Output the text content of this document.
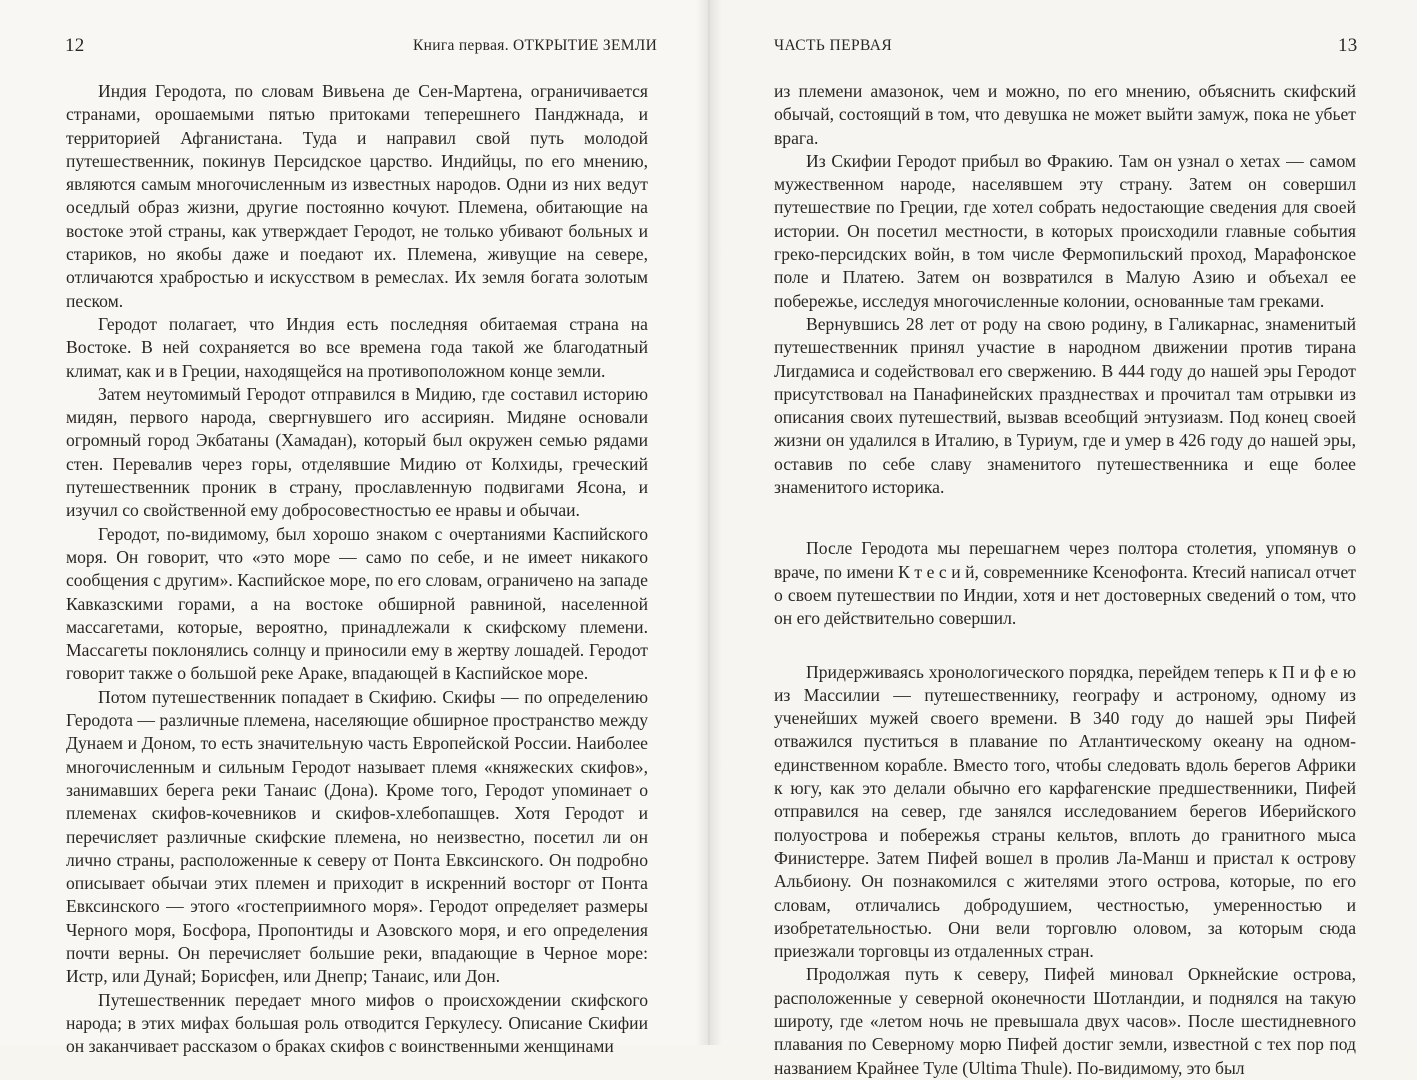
12	Книга первая. ОТКРЫТИЕ ЗЕМЛИ

Индия Геродота, по словам Вивьена де Сен-Мартена, ограничивается странами, орошаемыми пятью притоками теперешнего Панджнада, и территорией Афганистана. Туда и направил свой путь молодой путешественник, покинув Персидское царство. Индийцы, по его мнению, являются самым многочисленным из известных народов. Одни из них ведут оседлый образ жизни, другие постоянно кочуют. Племена, обитающие на востоке этой страны, как утверждает Геродот, не только убивают больных и стариков, но якобы даже и поедают их. Племена, живущие на севере, отличаются храбростью и искусством в ремеслах. Их земля богата золотым песком.

Геродот полагает, что Индия есть последняя обитаемая страна на Востоке. В ней сохраняется во все времена года такой же благодатный климат, как и в Греции, находящейся на противоположном конце земли.

Затем неутомимый Геродот отправился в Мидию, где составил историю мидян, первого народа, свергнувшего иго ассириян. Мидяне основали огромный город Экбатаны (Хамадан), который был окружен семью рядами стен. Перевалив через горы, отделявшие Мидию от Колхиды, греческий путешественник проник в страну, прославленную подвигами Ясона, и изучил со свойственной ему добросовестностью ее нравы и обычаи.

Геродот, по-видимому, был хорошо знаком с очертаниями Каспийского моря. Он говорит, что «это море — само по себе, и не имеет никакого сообщения с другим». Каспийское море, по его словам, ограничено на западе Кавказскими горами, а на востоке обширной равниной, населенной массагетами, которые, вероятно, принадлежали к скифскому племени. Массагеты поклонялись солнцу и приносили ему в жертву лошадей. Геродот говорит также о большой реке Араке, впадающей в Каспийское море.

Потом путешественник попадает в Скифию. Скифы — по определению Геродота — различные племена, населяющие обширное пространство между Дунаем и Доном, то есть значительную часть Европейской России. Наиболее многочисленным и сильным Геродот называет племя «княжеских скифов», занимавших берега реки Танаис (Дона). Кроме того, Геродот упоминает о племенах скифов-кочевников и скифов-хлебопашцев. Хотя Геродот и перечисляет различные скифские племена, но неизвестно, посетил ли он лично страны, расположенные к северу от Понта Евксинского. Он подробно описывает обычаи этих племен и приходит в искренний восторг от Понта Евксинского — этого «гостеприимного моря». Геродот определяет размеры Черного моря, Босфора, Пропонтиды и Азовского моря, и его определения почти верны. Он перечисляет большие реки, впадающие в Черное море: Истр, или Дунай; Борисфен, или Днепр; Танаис, или Дон.

Путешественник передает много мифов о происхождении скифского народа; в этих мифах большая роль отводится Геркулесу. Описание Скифии он заканчивает рассказом о браках скифов с воинственными женщинами

ЧАСТЬ ПЕРВАЯ	13

из племени амазонок, чем и можно, по его мнению, объяснить скифский обычай, состоящий в том, что девушка не может выйти замуж, пока не убьет врага.

Из Скифии Геродот прибыл во Фракию. Там он узнал о хетах — самом мужественном народе, населявшем эту страну. Затем он совершил путешествие по Греции, где хотел собрать недостающие сведения для своей истории. Он посетил местности, в которых происходили главные события греко-персидских войн, в том числе Фермопильский проход, Марафонское поле и Платею. Затем он возвратился в Малую Азию и объехал ее побережье, исследуя многочисленные колонии, основанные там греками.

Вернувшись 28 лет от роду на свою родину, в Галикарнас, знаменитый путешественник принял участие в народном движении против тирана Лигдамиса и содействовал его свержению. В 444 году до нашей эры Геродот присутствовал на Панафинейских празднествах и прочитал там отрывки из описания своих путешествий, вызвав всеобщий энтузиазм. Под конец своей жизни он удалился в Италию, в Туриум, где и умер в 426 году до нашей эры, оставив по себе славу знаменитого путешественника и еще более знаменитого историка.

После Геродота мы перешагнем через полтора столетия, упомянув о враче, по имени К т е с и й, современнике Ксенофонта. Ктесий написал отчет о своем путешествии по Индии, хотя и нет достоверных сведений о том, что он его действительно совершил.

Придерживаясь хронологического порядка, перейдем теперь к П и ф е ю из Массилии — путешественнику, географу и астроному, одному из ученейших мужей своего времени. В 340 году до нашей эры Пифей отважился пуститься в плавание по Атлантическому океану на одном-единственном корабле. Вместо того, чтобы следовать вдоль берегов Африки к югу, как это делали обычно его карфагенские предшественники, Пифей отправился на север, где занялся исследованием берегов Иберийского полуострова и побережья страны кельтов, вплоть до гранитного мыса Финистерре. Затем Пифей вошел в пролив Ла-Манш и пристал к острову Альбиону. Он познакомился с жителями этого острова, которые, по его словам, отличались добродушием, честностью, умеренностью и изобретательностью. Они вели торговлю оловом, за которым сюда приезжали торговцы из отдаленных стран.

Продолжая путь к северу, Пифей миновал Оркнейские острова, расположенные у северной оконечности Шотландии, и поднялся на такую широту, где «летом ночь не превышала двух часов». После шестидневного плавания по Северному морю Пифей достиг земли, известной с тех пор под названием Крайнее Туле (Ultima Thule). По-видимому, это был
